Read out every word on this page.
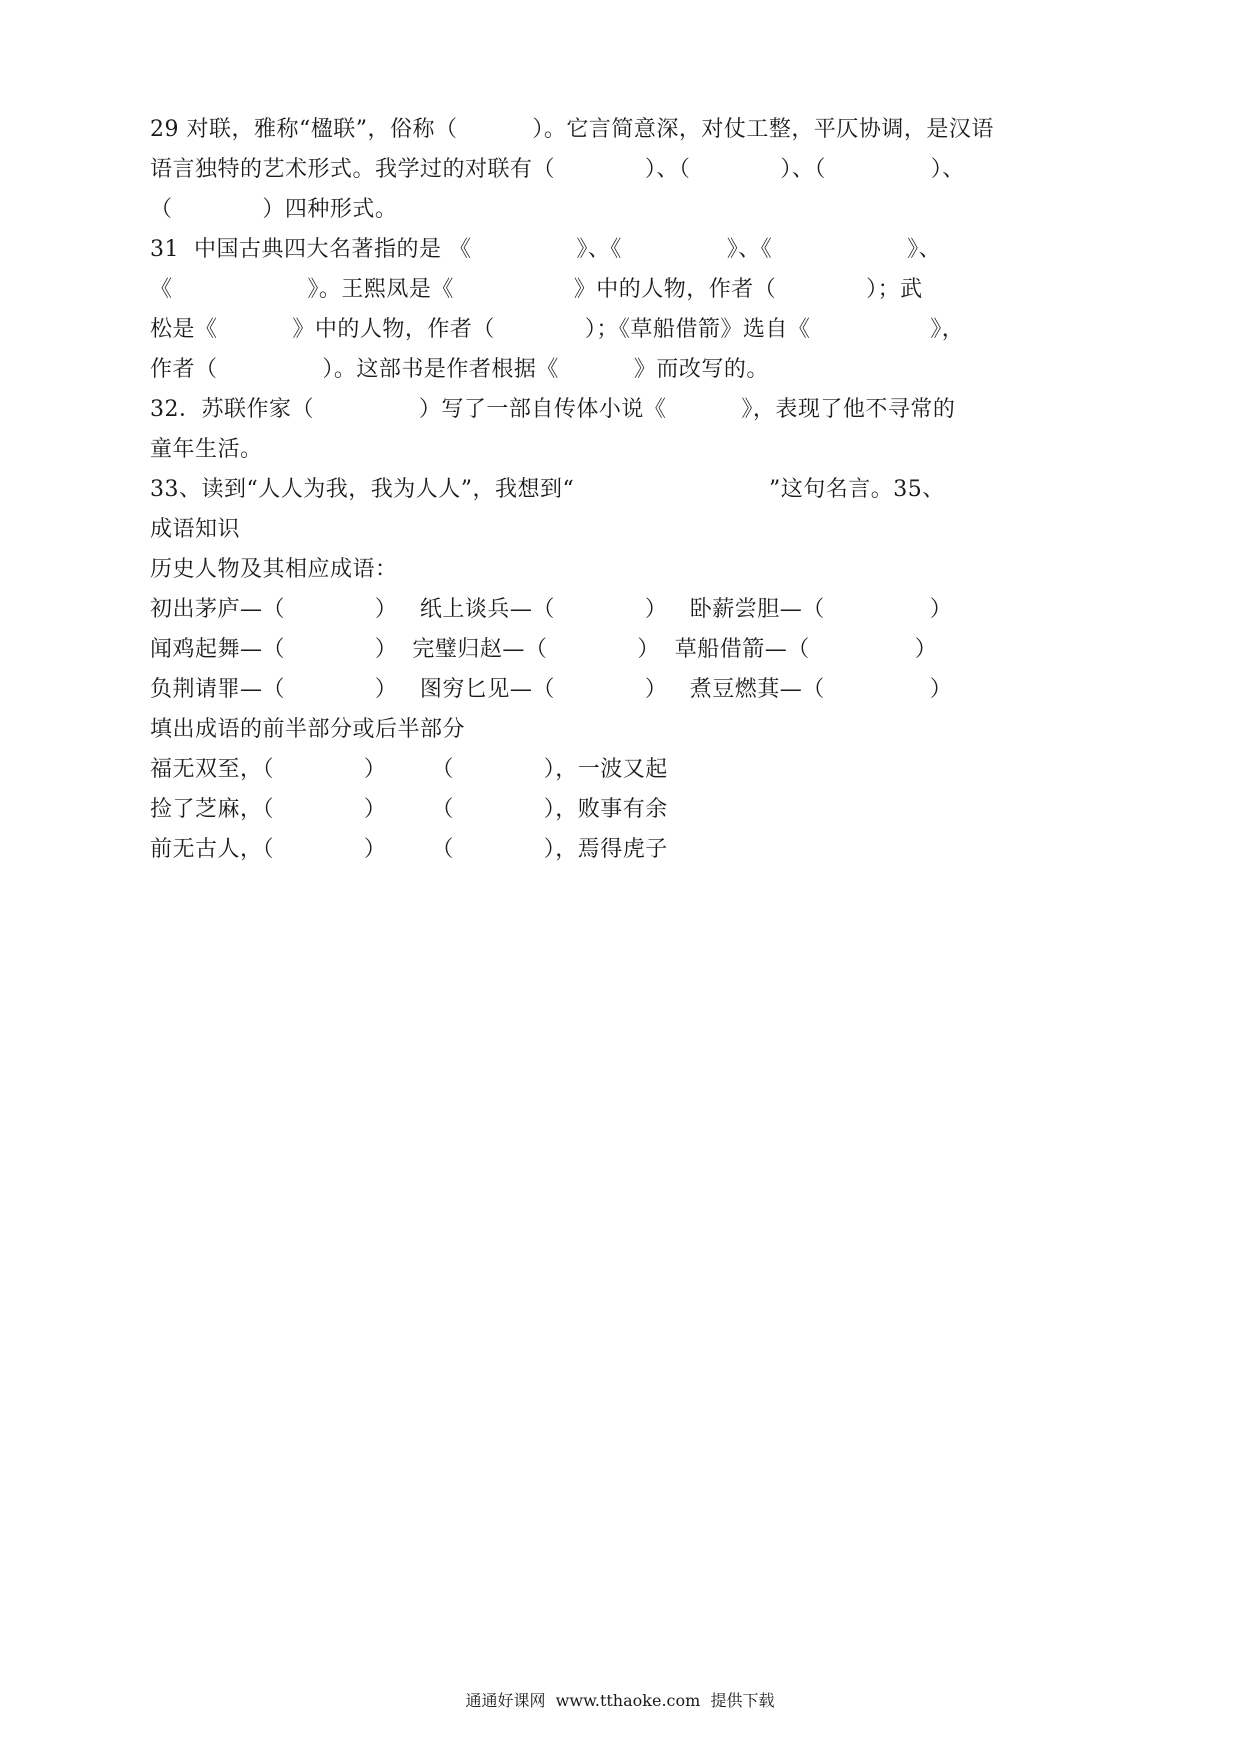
29 对联，雅称“楹联”，俗称（          ）。它言简意深，对仗工整，平仄协调，是汉语
语言独特的艺术形式。我学过的对联有（            ）、（            ）、（              ）、
（            ）四种形式。
31  中国古典四大名著指的是 《              》、《              》、《                  》、
《                  》。王熙凤是《                》中的人物，作者（            ）；武
松是《          》中的人物，作者（            ）；《草船借箭》选自《                》，
作者（              ）。这部书是作者根据《          》而改写的。
32．苏联作家（              ）写了一部自传体小说《          》，表现了他不寻常的
童年生活。
33、读到“人人为我，我为人人”，我想到“                          ”这句名言。35、
成语知识
历史人物及其相应成语：
初出茅庐—（            ）   纸上谈兵—（            ）   卧薪尝胆—（              ）
闻鸡起舞—（            ）  完璧归赵—（            ）  草船借箭—（              ）
负荆请罪—（            ）   图穷匕见—（            ）   煮豆燃萁—（              ）
填出成语的前半部分或后半部分
福无双至，（            ）      （            ），一波又起
捡了芝麻，（            ）      （            ），败事有余
前无古人，（            ）      （            ），焉得虎子
通通好课网  www.tthaoke.com  提供下载
